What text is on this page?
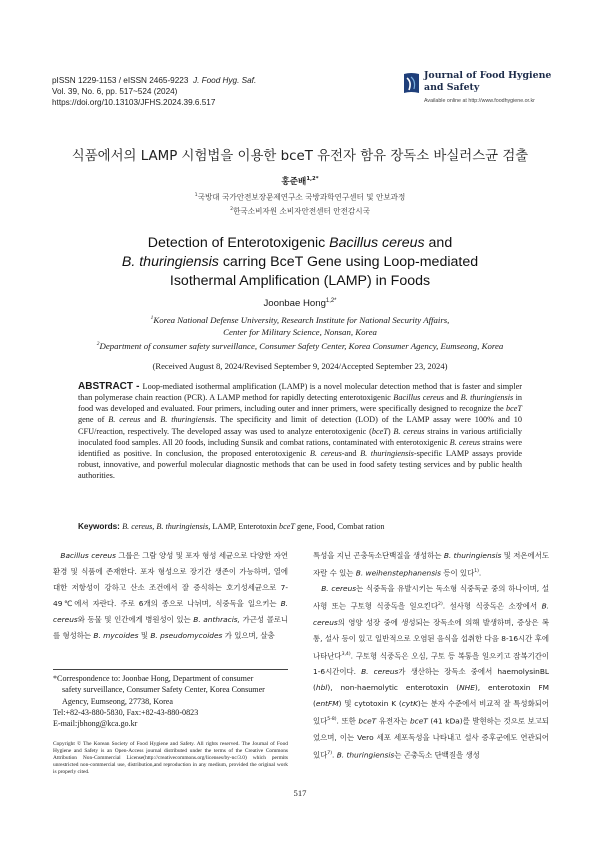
pISSN 1229-1153 / eISSN 2465-9223 J. Food Hyg. Saf.
Vol. 39, No. 6, pp. 517~524 (2024)
https://doi.org/10.13103/JFHS.2024.39.6.517
Journal of Food Hygiene
and Safety
Available online at http://www.foodhygiene.or.kr
식품에서의 LAMP 시험법을 이용한 bceT 유전자 함유 장독소 바실러스균 검출
홍준배$^{1,2*}$
$^1$국방대 국가안전보장문제연구소 국방과학연구센터 및 안보과정
$^2$한국소비자원 소비자안전센터 안전감시국
Detection of Enterotoxigenic Bacillus cereus and
B. thuringiensis carring BceT Gene using Loop-mediated
Isothermal Amplification (LAMP) in Foods
Joonbae Hong$^{1,2*}$
$^1$Korea National Defense University, Research Institute for National Security Affairs,
Center for Military Science, Nonsan, Korea
$^2$Department of consumer safety surveillance, Consumer Safety Center, Korea Consumer Agency, Eumseong, Korea
(Received August 8, 2024/Revised September 9, 2024/Accepted September 23, 2024)
ABSTRACT - Loop-mediated isothermal amplification (LAMP) is a novel molecular detection method that is faster and simpler than polymerase chain reaction (PCR). A LAMP method for rapidly detecting enterotoxigenic Bacillus cereus and B. thuringiensis in food was developed and evaluated. Four primers, including outer and inner primers, were specifically designed to recognize the bceT gene of B. cereus and B. thuringiensis. The specificity and limit of detection (LOD) of the LAMP assay were 100% and 10 CFU/reaction, respectively. The developed assay was used to analyze enterotoxigenic (bceT) B. cereus strains in various artificially inoculated food samples. All 20 foods, including Sunsik and combat rations, contaminated with enterotoxigenic B. cereus strains were identified as positive. In conclusion, the proposed enterotoxigenic B. cereus-and B. thuringiensis-specific LAMP assays provide robust, innovative, and powerful molecular diagnostic methods that can be used in food safety testing services and by public health authorities.
Keywords: B. cereus, B. thuringiensis, LAMP, Enterotoxin bceT gene, Food, Combat ration
Bacillus cereus 그룹은 그람 양성 및 포자 형성 세균으로 다양한 자연환경 및 식품에 존재한다. 포자 형성으로 장기간 생존이 가능하며, 열에 대한 저항성이 강하고 산소 조건에서 잘 증식하는 호기성세균으로 7-49℃에서 자란다. 주로 6개의 종으로 나뉘며, 식중독을 일으키는 B. cereus와 동물 및 인간에게 병원성이 있는 B. anthracis, 가근성 콜로니를 형성하는 B. mycoides 및 B. pseudomycoides 가 있으며, 살충
*Correspondence to: Joonbae Hong, Department of consumer
safety surveillance, Consumer Safety Center, Korea Consumer
Agency, Eumseong, 27738, Korea
Tel:+82-43-880-5830, Fax:+82-43-880-0823
E-mail:jbhong@kca.go.kr
Copyright © The Korean Society of Food Hygiene and Safety. All rights reserved. The Journal of Food Hygiene and Safety is an Open-Access journal distributed under the terms of the Creative Commons Attribution Non-Commercial License(http://creativecommons.org/licenses/by-nc/3.0) which permits unrestricted non-commercial use, distribution,and reproduction in any medium, provided the original work is properly cited.
특성을 지닌 곤충독소단백질을 생성하는 B. thuringiensis 및 저온에서도 자랄 수 있는 B. weihenstephanensis 등이 있다$^{1)}$.
B. cereus는 식중독을 유발시키는 독소형 식중독균 중의 하나이며, 설사형 또는 구토형 식중독을 일으킨다$^{2)}$. 설사형 식중독은 소장에서 B. cereus의 영양 성장 중에 생성되는 장독소에 의해 발생하며, 증상은 복통, 설사 등이 있고 일반적으로 오염된 음식을 섭취한 다음 8-16시간 후에 나타난다$^{3,4)}$. 구토형 식중독은 오심, 구토 등 복통을 일으키고 잠복기간이 1-6시간이다. B. cereus가 생산하는 장독소 중에서 haemolysinBL (hbl), non-haemolytic enterotoxin (NHE), enterotoxin FM (entFM) 및 cytotoxin K (cytK)는 분자 수준에서 비교적 잘 특성화되어 있다$^{5-8)}$. 또한 bceT 유전자는 bceT (41 kDa)를 발현하는 것으로 보고되었으며, 이는 Vero 세포 세포독성을 나타내고 설사 증후군에도 연관되어 있다$^{7)}$. B. thuringiensis는 곤충독소 단백질을 생성
517
